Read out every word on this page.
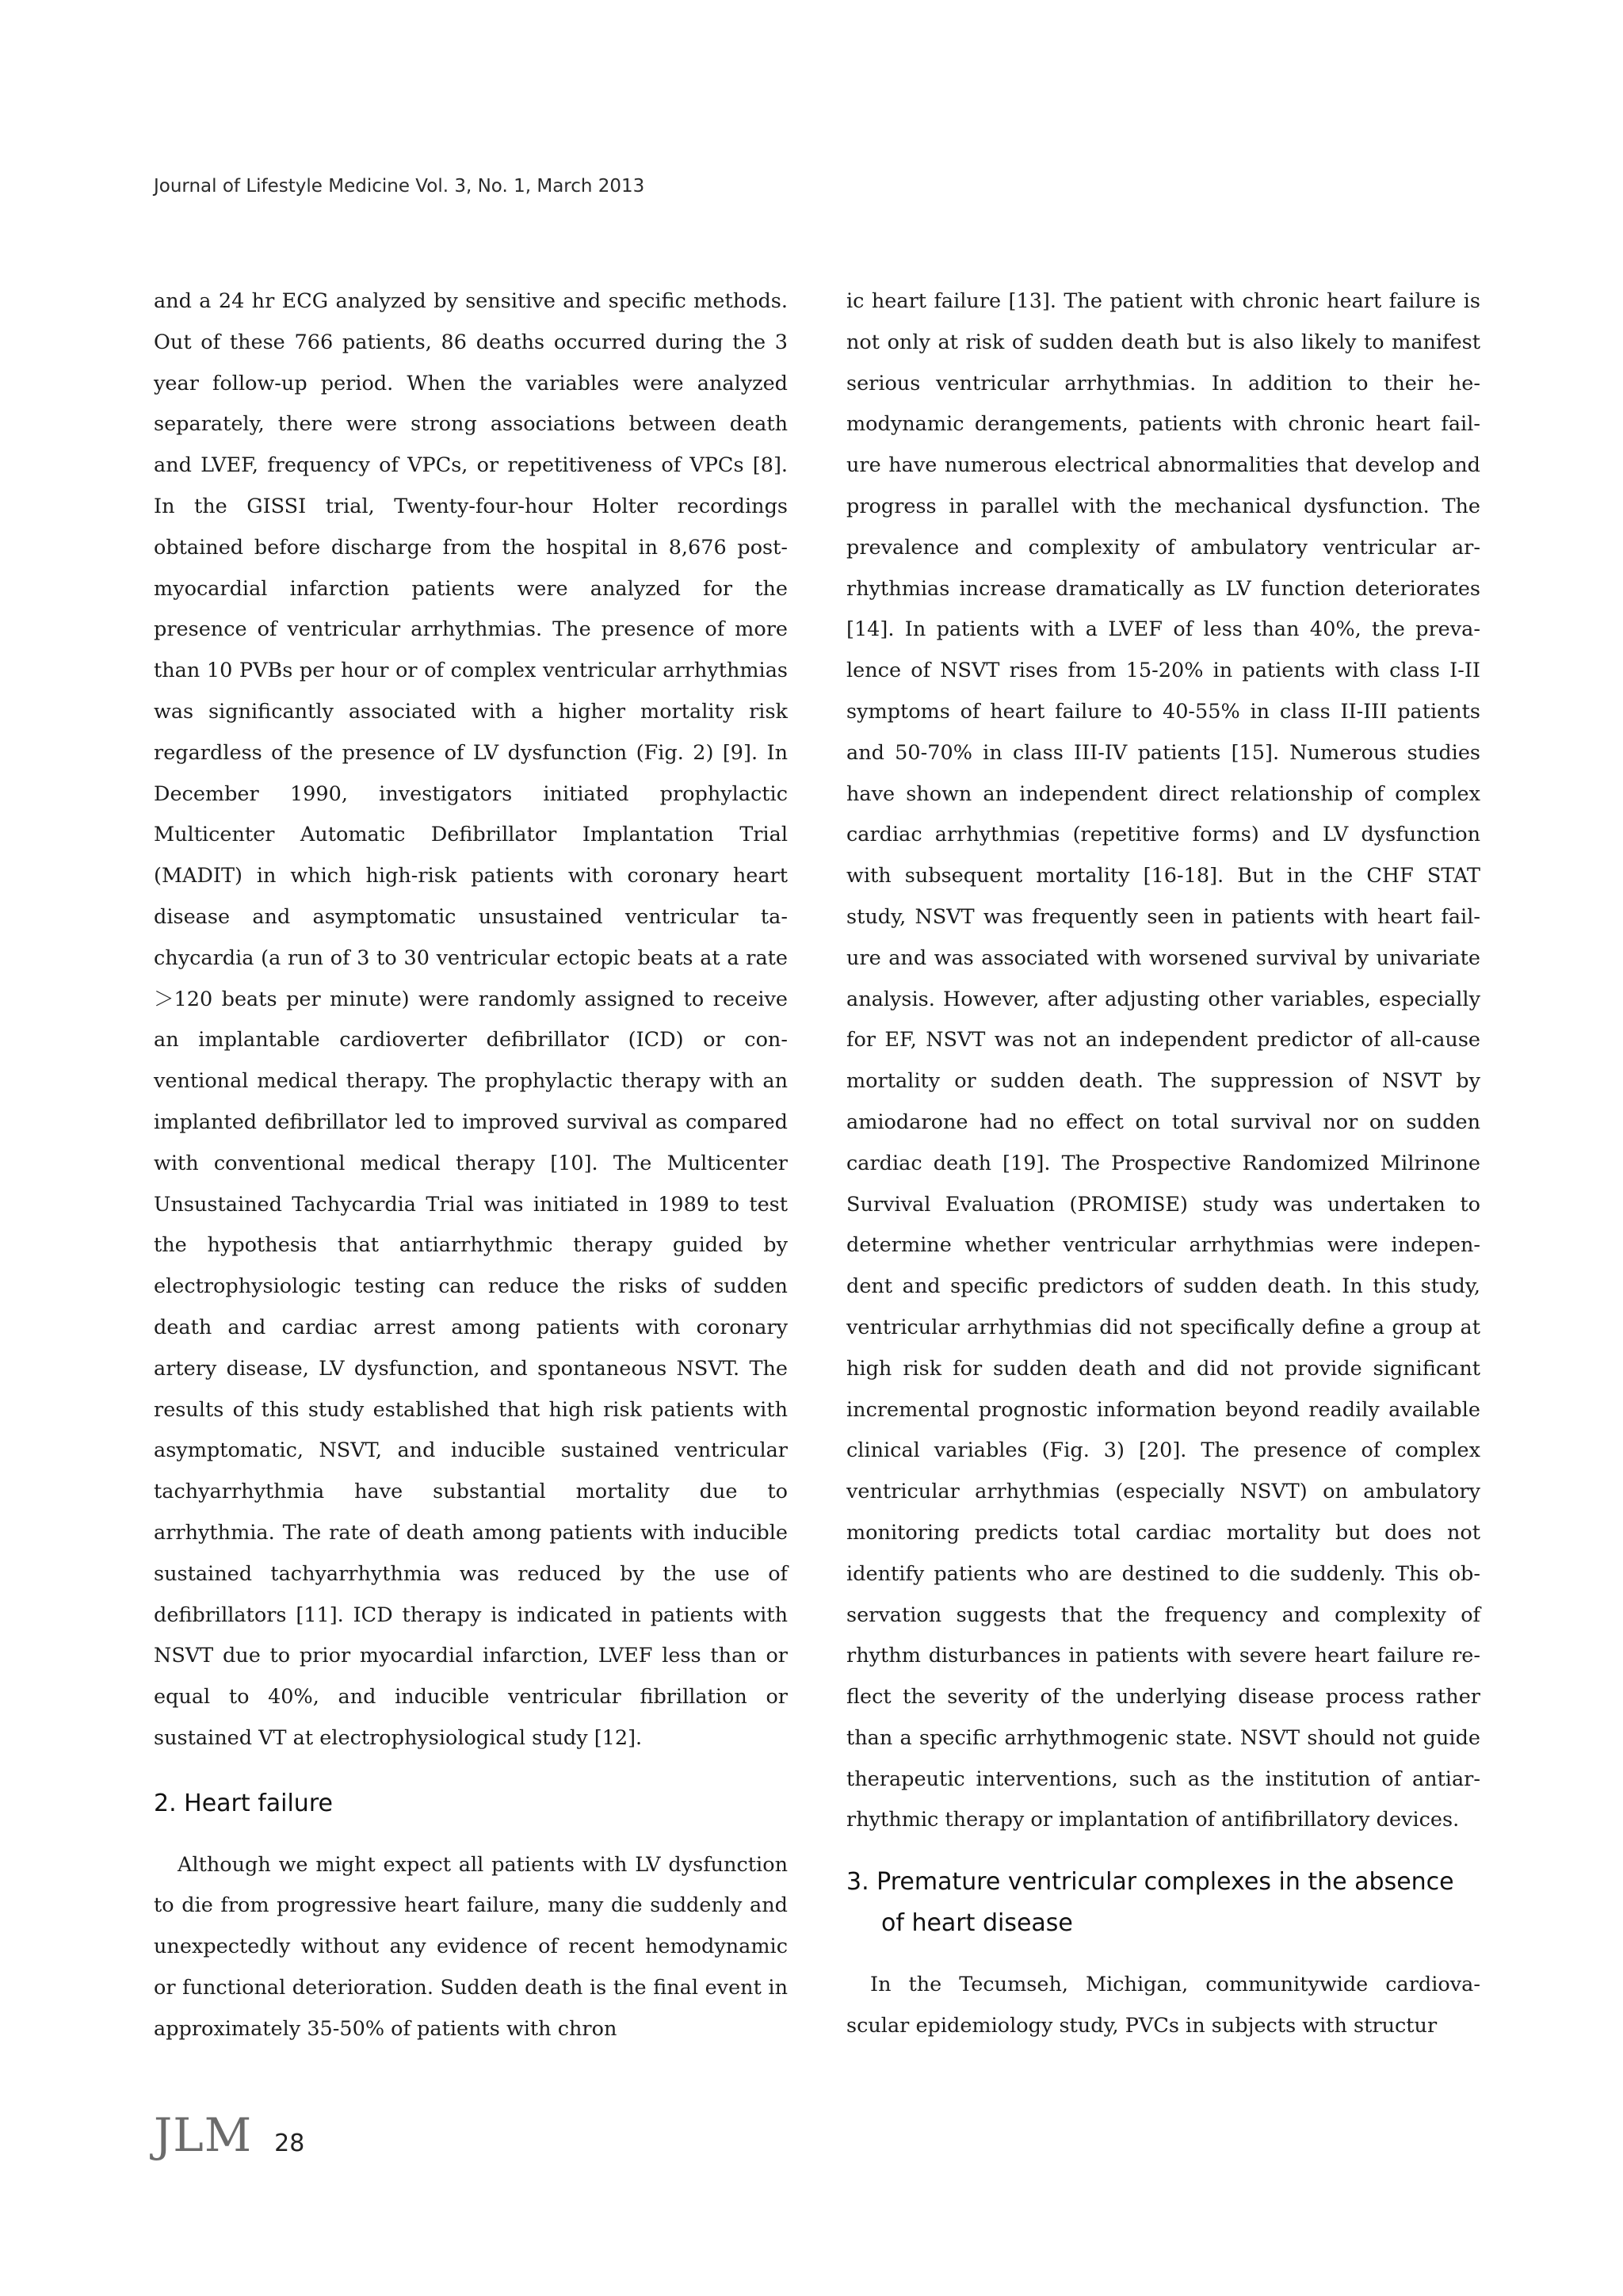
Journal of Lifestyle Medicine Vol. 3, No. 1, March 2013

and a 24 hr ECG analyzed by sensitive and specific methods. Out of these 766 patients, 86 deaths occurred during the 3 year follow-up period. When the variables were analyzed separately, there were strong associations between death and LVEF, frequency of VPCs, or repetitiveness of VPCs [8]. In the GISSI trial, Twenty-four-hour Holter recordings obtained before discharge from the hospital in 8,676 post-myocardial infarction patients were analyzed for the presence of ventricular arrhythmias. The presence of more than 10 PVBs per hour or of complex ventricular arrhythmias was significantly associated with a higher mortality risk regardless of the presence of LV dysfunction (Fig. 2) [9]. In December 1990, investigators initiated prophylactic Multicenter Automatic Defibrillator Implantation Trial (MADIT) in which high-risk patients with coronary heart disease and asymptomatic unsustained ventricular tachycardia (a run of 3 to 30 ventricular ectopic beats at a rate＞120 beats per minute) were randomly assigned to receive an implantable cardioverter defibrillator (ICD) or conventional medical therapy. The prophylactic therapy with an implanted defibrillator led to improved survival as compared with conventional medical therapy [10]. The Multicenter Unsustained Tachycardia Trial was initiated in 1989 to test the hypothesis that antiarrhythmic therapy guided by electrophysiologic testing can reduce the risks of sudden death and cardiac arrest among patients with coronary artery disease, LV dysfunction, and spontaneous NSVT. The results of this study established that high risk patients with asymptomatic, NSVT, and inducible sustained ventricular tachyarrhythmia have substantial mortality due to arrhythmia. The rate of death among patients with inducible sustained tachyarrhythmia was reduced by the use of defibrillators [11]. ICD therapy is indicated in patients with NSVT due to prior myocardial infarction, LVEF less than or equal to 40%, and inducible ventricular fibrillation or sustained VT at electrophysiological study [12].

2. Heart failure

Although we might expect all patients with LV dysfunction to die from progressive heart failure, many die suddenly and unexpectedly without any evidence of recent hemodynamic or functional deterioration. Sudden death is the final event in approximately 35-50% of patients with chron

ic heart failure [13]. The patient with chronic heart failure is not only at risk of sudden death but is also likely to manifest serious ventricular arrhythmias. In addition to their hemodynamic derangements, patients with chronic heart failure have numerous electrical abnormalities that develop and progress in parallel with the mechanical dysfunction. The prevalence and complexity of ambulatory ventricular arrhythmias increase dramatically as LV function deteriorates [14]. In patients with a LVEF of less than 40%, the prevalence of NSVT rises from 15-20% in patients with class I-II symptoms of heart failure to 40-55% in class II-III patients and 50-70% in class III-IV patients [15]. Numerous studies have shown an independent direct relationship of complex cardiac arrhythmias (repetitive forms) and LV dysfunction with subsequent mortality [16-18]. But in the CHF STAT study, NSVT was frequently seen in patients with heart failure and was associated with worsened survival by univariate analysis. However, after adjusting other variables, especially for EF, NSVT was not an independent predictor of all-cause mortality or sudden death. The suppression of NSVT by amiodarone had no effect on total survival nor on sudden cardiac death [19]. The Prospective Randomized Milrinone Survival Evaluation (PROMISE) study was undertaken to determine whether ventricular arrhythmias were independent and specific predictors of sudden death. In this study, ventricular arrhythmias did not specifically define a group at high risk for sudden death and did not provide significant incremental prognostic information beyond readily available clinical variables (Fig. 3) [20]. The presence of complex ventricular arrhythmias (especially NSVT) on ambulatory monitoring predicts total cardiac mortality but does not identify patients who are destined to die suddenly. This observation suggests that the frequency and complexity of rhythm disturbances in patients with severe heart failure reflect the severity of the underlying disease process rather than a specific arrhythmogenic state. NSVT should not guide therapeutic interventions, such as the institution of antiarrhythmic therapy or implantation of antifibrillatory devices.

3. Premature ventricular complexes in the absence of heart disease

In the Tecumseh, Michigan, communitywide cardiovascular epidemiology study, PVCs in subjects with structur

JLM 28
